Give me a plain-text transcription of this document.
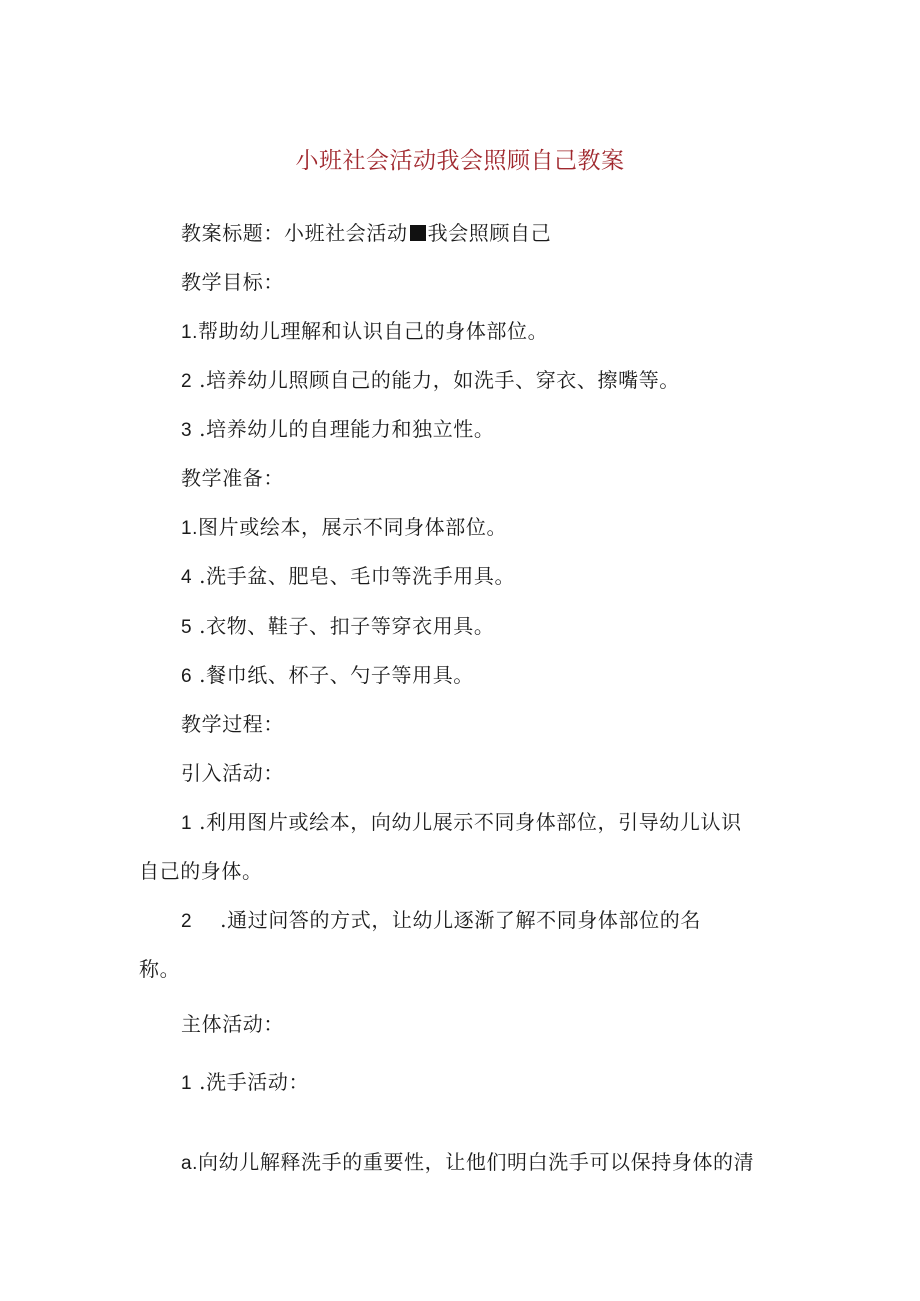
小班社会活动我会照顾自己教案
教案标题：小班社会活动 我会照顾自己
教学目标：
1.帮助幼儿理解和认识自己的身体部位。
2 .培养幼儿照顾自己的能力，如洗手、穿衣、擦嘴等。
3 .培养幼儿的自理能力和独立性。
教学准备：
1.图片或绘本，展示不同身体部位。
4 .洗手盆、肥皂、毛巾等洗手用具。
5 .衣物、鞋子、扣子等穿衣用具。
6 .餐巾纸、杯子、勺子等用具。
教学过程：
引入活动：
1 .利用图片或绘本，向幼儿展示不同身体部位，引导幼儿认识
自己的身体。
2 .通过问答的方式，让幼儿逐渐了解不同身体部位的名
称。
主体活动：
1 .洗手活动：
a.向幼儿解释洗手的重要性，让他们明白洗手可以保持身体的清
